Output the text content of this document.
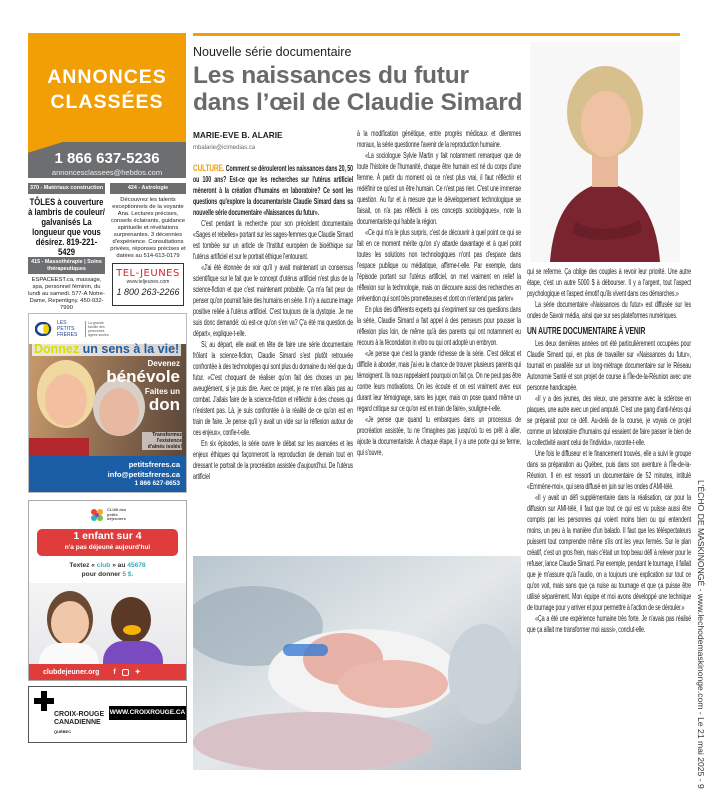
ANNONCES
CLASSÉES
1 866 637-5236
annoncesclassees@hebdos.com
370 - Matériaux construction
TÔLES à couverture à lambris de couleur/ galvanisés La longueur que vous désirez. 819-221-5429
415 - Massothérapie | Soins thérapeutiques
ESPACEEST.ca, massage, spa, personnel féminin, du lundi au samedi. 577-A Notre-Dame, Repentigny. 450-932-7990
424 - Astrologie
Découvrez les talents exceptionnels de la voyante Ana. Lectures précises, conseils éclairants, guidance spirituelle et révélations surprenantes. 3 décennies d'expérience. Consultations privées, réponses précises et datées au 514-613-0179
TEL-JEUNES
www.teljeunes.com
1 800 263-2266
LES PETITS FRÈRES
La grande famille des personnes âgées seules
Donnez un sens à la vie!
Devenez
bénévole
Faites un
don
Transformez l'existence d'aînés isolés!
petitsfreres.ca
info@petitsfreres.ca
1 866 627-8653
CLUB des petits déjeuners
1 enfant sur 4
n'a pas déjeuné aujourd'hui
Textez « club » au 45678
pour donner 5 $.
clubdejeuner.org f	✦
CROIX-ROUGE
CANADIENNE
QUÉBEC
WWW.CROIXROUGE.CA
Nouvelle série documentaire
Les naissances du futur
dans l’œil de Claudie Simard
MARIE-EVE B. ALARIE
mbalarie@icimedias.ca

CULTURE. Comment se dérouleront les naissances dans 20, 50 ou 100 ans? Est-ce que les recherches sur l'utérus artificiel mèneront à la création d'humains en laboratoire? Ce sont les questions qu'explore la documentariste Claudie Simard dans sa nouvelle série documentaire «Naissances du futur».

C'est pendant la recherche pour son précédent documentaire «Sages et rebelles» portant sur les sages-femmes que Claudie Simard est tombée sur un article de l'Institut européen de bioéthique sur l'utérus artificiel et sur le portrait éthique l'entourant.

«J'ai été étonnée de voir qu'il y avait maintenant un consensus scientifique sur le fait que le concept d'utérus artificiel n'est plus de la science-fiction et que c'est maintenant probable. Ça m'a fait peur de penser qu'on pourrait faire des humains en série. Il n'y a aucune image positive reliée à l'utérus artificiel. C'est toujours de la dystopie. Je me suis donc demandé: où est-ce qu'on s'en va? Ç'a été ma question de départ», explique-t-elle.

Si, au départ, elle avait en tête de faire une série documentaire frôlant la science-fiction, Claudie Simard s'est plutôt retrouvée confrontée à des technologies qui sont plus du domaine du réel que du futur. «C'est choquant de réaliser qu'on fait des choses un peu aveuglément, si je puis dire. Avec ce projet, je ne m'en allais pas au combat. J'allais faire de la science-fiction et réfléchir à des choses qui n'existent pas. Là, je suis confrontée à la réalité de ce qu'on est en train de faire. Je pense qu'il y avait un vide sur la réflexion autour de ces enjeux», confie-t-elle.

En six épisodes, la série ouvre le débat sur les avancées et les enjeux éthiques qui façonneront la reproduction de demain tout en dressant le portrait de la procréation assistée d'aujourd'hui. De l'utérus artificiel

à la modification génétique, entre progrès médicaux et dilemmes moraux, la série questionne l'avenir de la reproduction humaine.

«La sociologue Sylvie Martin y fait notamment remarquer que de toute l'histoire de l'humanité, chaque être humain est né du corps d'une femme. À partir du moment où ce n'est plus vrai, il faut réfléchir et redéfinir ce qu'est un être humain. Ce n'est pas rien. C'est une immense question. Au fur et à mesure que le développement technologique se faisait, on n'a pas réfléchi à ces concepts sociologiques», note la documentariste qui habite la région.

«Ce qui m'a le plus surpris, c'est de découvrir à quel point ce qui se fait en ce moment mérite qu'on s'y attarde davantage et à quel point toutes les solutions non technologiques n'ont pas d'espace dans l'espace publique ou médiatique, affirme-t-elle. Par exemple, dans l'épisode portant sur l'utérus artificiel, on met vraiment en relief la réflexion sur la technologie, mais on découvre aussi des recherches en prévention qui sont très prometteuses et dont on n'entend pas parler»

En plus des différents experts qui s'expriment sur ces questions dans la série, Claudie Simard a fait appel à des penseurs pour pousser la réflexion plus loin, de même qu'à des parents qui ont notamment eu recours à la fécondation in vitro ou qui ont adopté un embryon.

«Je pense que c'est la grande richesse de la série. C'est délicat et difficile à aborder, mais j'ai eu la chance de trouver plusieurs parents qui témoignent. Ils nous rappelaient pourquoi on fait ça. On ne peut pas être contre leurs motivations. On les écoute et on est vraiment avec eux durant leur témoignage, sans les juger, mais on pose quand même un regard critique sur ce qu'on est en train de faire», souligne-t-elle.

«Je pense que quand tu embarques dans un processus de procréation assistée, tu ne t'imagines pas jusqu'où tu es prêt à aller, ajoute la documentariste. À chaque étape, il y a une porte qui se ferme, qui s'ouvre,

qui se referme. Ça oblige des couples à revoir leur priorité. Une autre étape, c'est un autre 5000 $ à débourser. Il y a l'argent, tout l'aspect psychologique et l'aspect émotif qu'ils vivent dans ces démarches.»

La série documentaire «Naissances du futur» est diffusée sur les ondes de Savoir média, ainsi que sur ses plateformes numériques.

UN AUTRE DOCUMENTAIRE À VENIR

Les deux dernières années ont été particulièrement occupées pour Claudie Simard qui, en plus de travailler sur «Naissances du futur», tournait en parallèle sur un long-métrage documentaire sur le Réseau Autonomie Santé et son projet de course à l'Île-de-la-Réunion avec une personne handicapée.

«Il y a des jeunes, des vieux, une personne avec la sclérose en plaques, une autre avec un pied amputé. C'est une gang d'anti-héros qui se préparait pour ce défi. Au-delà de la course, je voyais ce projet comme un laboratoire d'humains qui essaient de faire passer le bien de la collectivité avant celui de l'individu», raconte-t-elle.

Une fois le diffuseur et le financement trouvés, elle a suivi le groupe dans sa préparation au Québec, puis dans son aventure à l'Île-de-la-Réunion. Il en est ressorti un documentaire de 52 minutes, intitulé «Emmène-moi», qui sera diffusé en juin sur les ondes d'AMI-télé.

«Il y avait un défi supplémentaire dans la réalisation, car pour la diffusion sur AMI-télé, il faut que tout ce qui est vu puisse aussi être compris par les personnes qui voient moins bien ou qui entendent moins, un peu à la manière d'un balado. Il faut que les téléspectateurs puissent tout comprendre même s'ils ont les yeux fermés. Sur le plan créatif, c'est un gros frein, mais c'était un trop beau défi à relever pour le refuser, lance Claudie Simard. Par exemple, pendant le tournage, il fallait que je m'assure qu'à l'audio, on a toujours une explication sur tout ce qu'on voit, mais sans que ça nuise au tournage et que ça puisse être utilisé séparément. Mon équipe et moi avons développé une technique de tournage pour y arriver et pour permettre à l'action de se dérouler.»

«Ça a été une expérience humaine très forte. Je n'avais pas réalisé que ça allait me transformer moi aussi», conclut-elle.	L'ÉCHO DE MASKINONGÉ - www.lechodemaskinonge.com - Le 21 mai 2025 - 9
